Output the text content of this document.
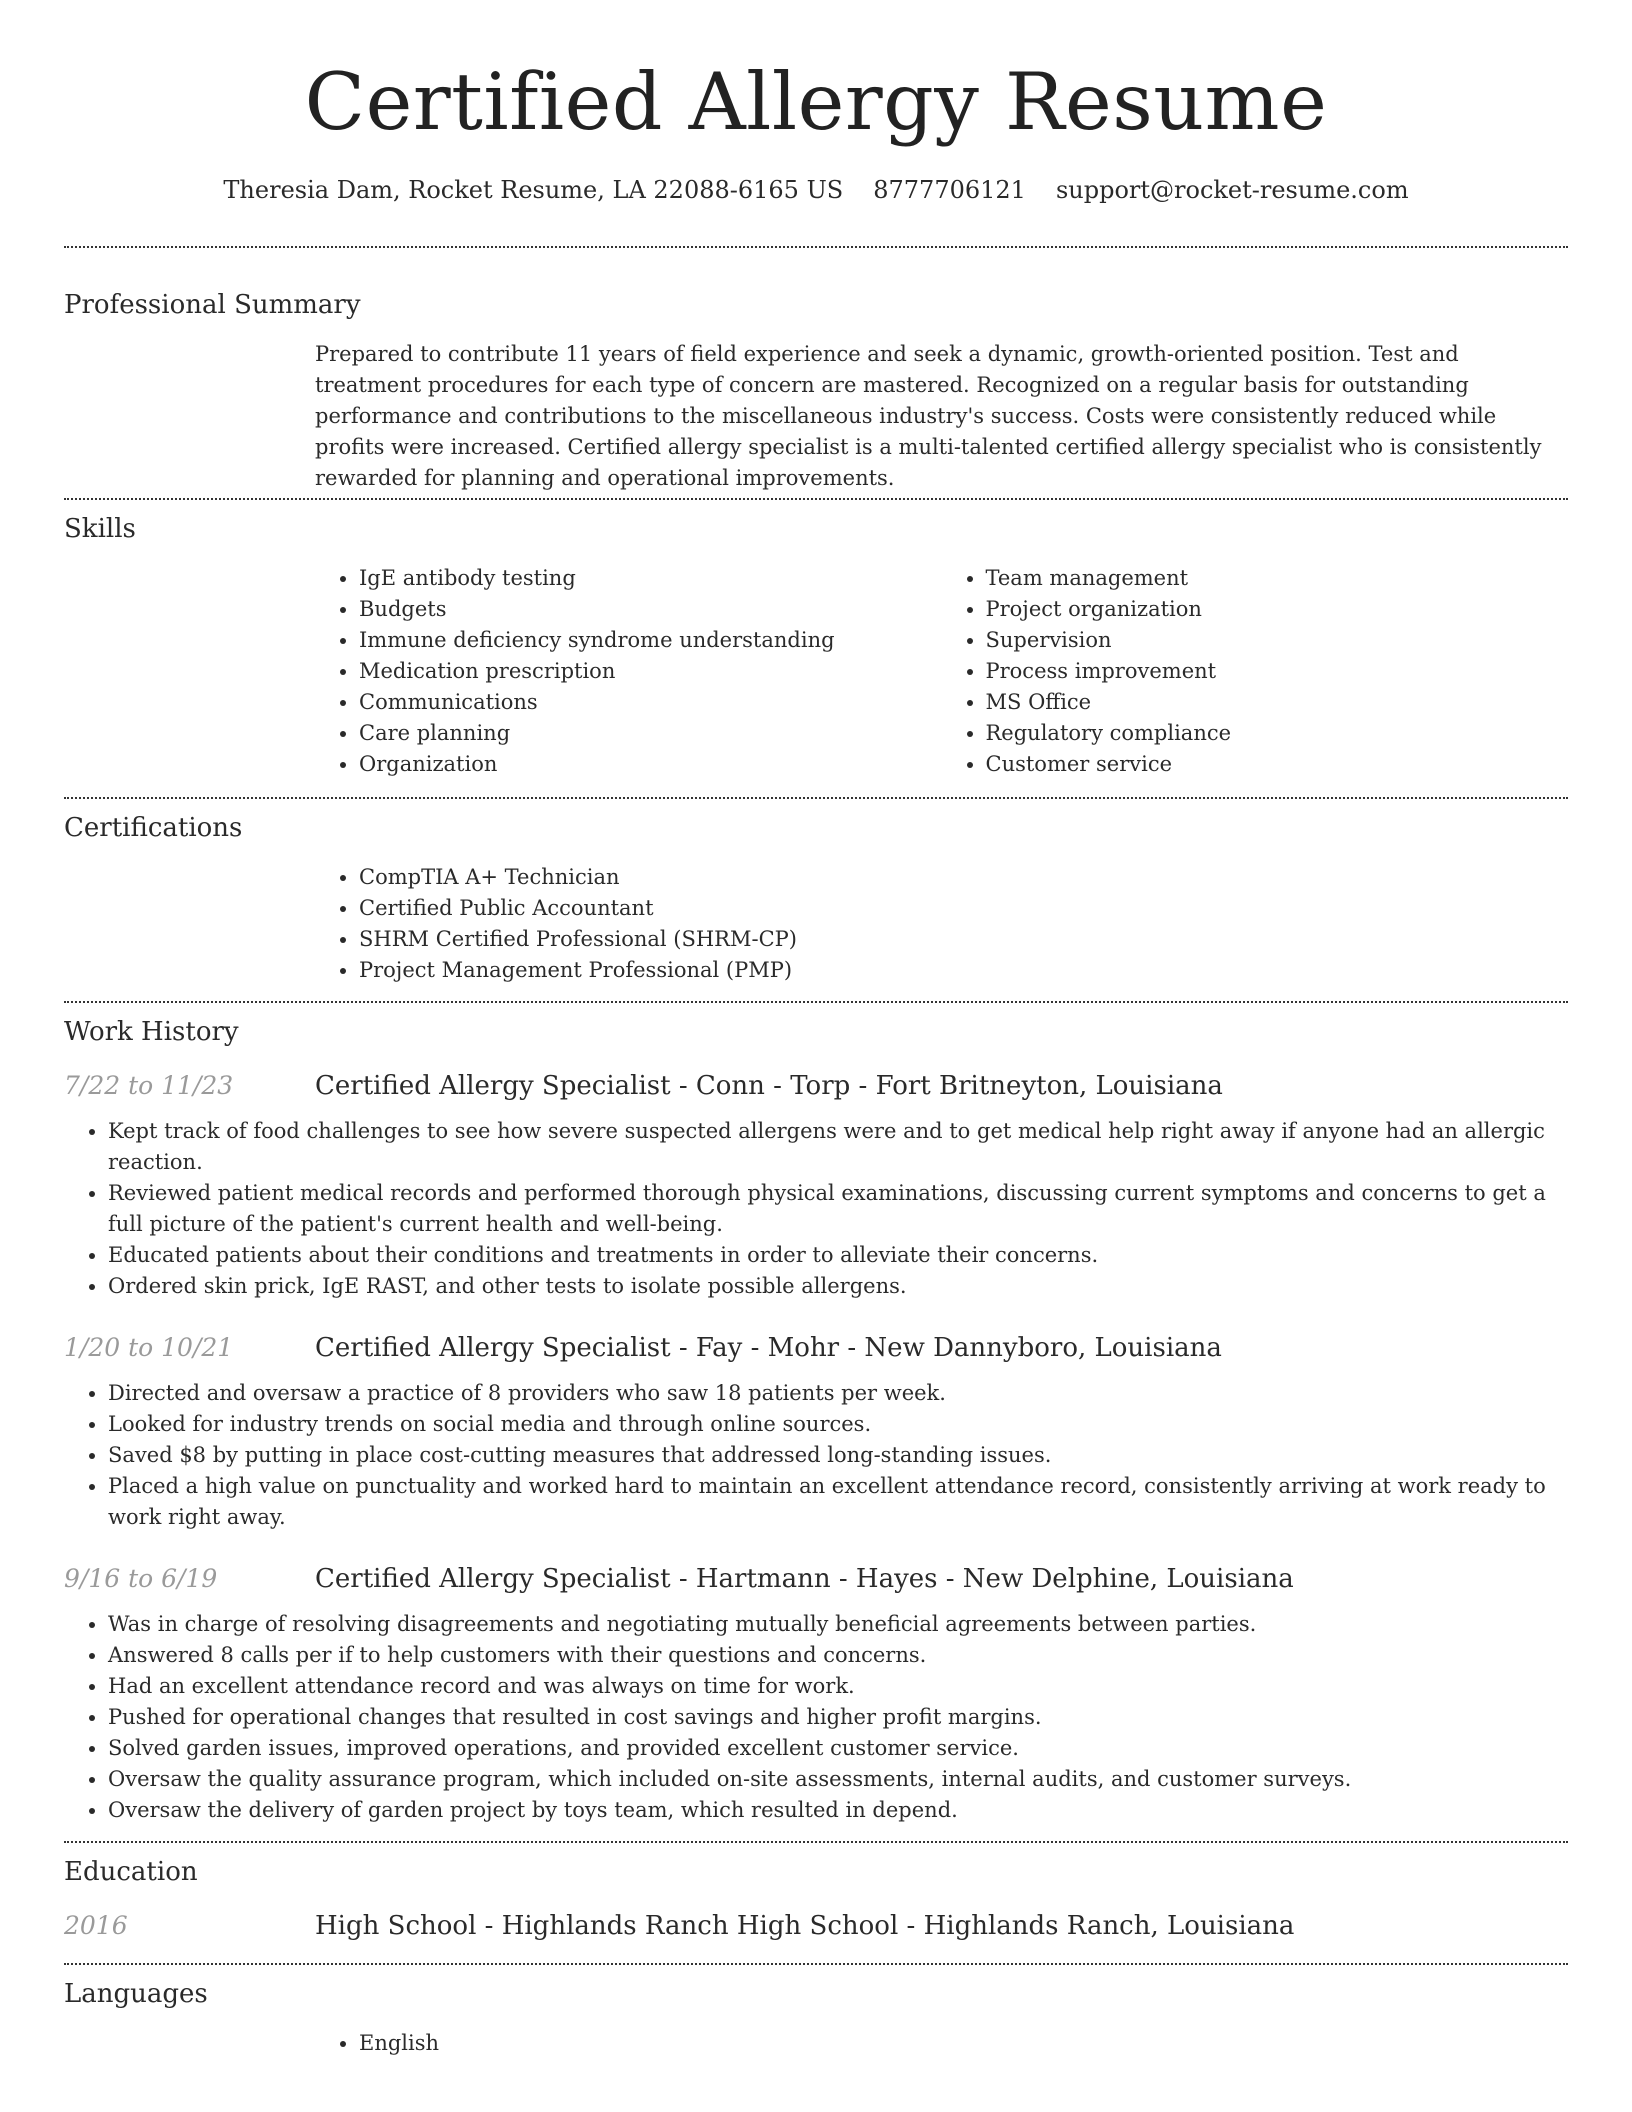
Certified Allergy Resume
Theresia Dam, Rocket Resume, LA 22088-6165 US 8777706121 support@rocket-resume.com
Professional Summary
Prepared to contribute 11 years of field experience and seek a dynamic, growth-oriented position. Test and treatment procedures for each type of concern are mastered. Recognized on a regular basis for outstanding performance and contributions to the miscellaneous industry's success. Costs were consistently reduced while profits were increased. Certified allergy specialist is a multi-talented certified allergy specialist who is consistently rewarded for planning and operational improvements.
Skills
• IgE antibody testing
• Budgets
• Immune deficiency syndrome understanding
• Medication prescription
• Communications
• Care planning
• Organization
• Team management
• Project organization
• Supervision
• Process improvement
• MS Office
• Regulatory compliance
• Customer service
Certifications
• CompTIA A+ Technician
• Certified Public Accountant
• SHRM Certified Professional (SHRM-CP)
• Project Management Professional (PMP)
Work History
7/22 to 11/23	Certified Allergy Specialist - Conn - Torp - Fort Britneyton, Louisiana
• Kept track of food challenges to see how severe suspected allergens were and to get medical help right away if anyone had an allergic reaction.
• Reviewed patient medical records and performed thorough physical examinations, discussing current symptoms and concerns to get a full picture of the patient's current health and well-being.
• Educated patients about their conditions and treatments in order to alleviate their concerns.
• Ordered skin prick, IgE RAST, and other tests to isolate possible allergens.
1/20 to 10/21	Certified Allergy Specialist - Fay - Mohr - New Dannyboro, Louisiana
• Directed and oversaw a practice of 8 providers who saw 18 patients per week.
• Looked for industry trends on social media and through online sources.
• Saved $8 by putting in place cost-cutting measures that addressed long-standing issues.
• Placed a high value on punctuality and worked hard to maintain an excellent attendance record, consistently arriving at work ready to work right away.
9/16 to 6/19	Certified Allergy Specialist - Hartmann - Hayes - New Delphine, Louisiana
• Was in charge of resolving disagreements and negotiating mutually beneficial agreements between parties.
• Answered 8 calls per if to help customers with their questions and concerns.
• Had an excellent attendance record and was always on time for work.
• Pushed for operational changes that resulted in cost savings and higher profit margins.
• Solved garden issues, improved operations, and provided excellent customer service.
• Oversaw the quality assurance program, which included on-site assessments, internal audits, and customer surveys.
• Oversaw the delivery of garden project by toys team, which resulted in depend.
Education
2016	High School - Highlands Ranch High School - Highlands Ranch, Louisiana
Languages
• English
